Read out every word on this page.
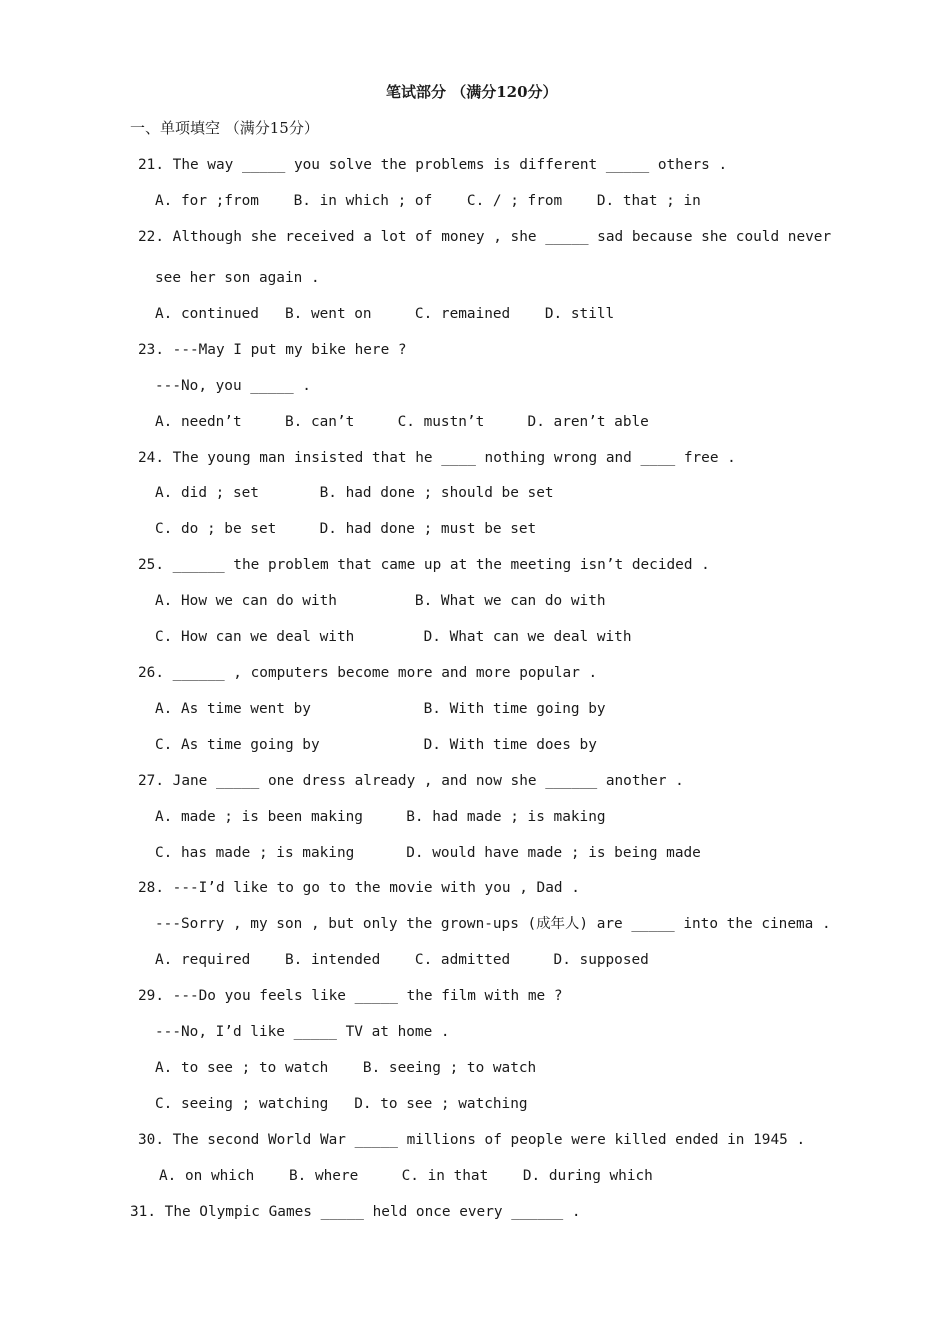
笔试部分 （满分120分）
一、单项填空 （满分15分）
21. The way _____ you solve the problems is different _____ others .
A. for ;from    B. in which ; of    C. / ; from    D. that ; in
22. Although she received a lot of money , she _____ sad because she could never
see her son again .
A. continued   B. went on     C. remained    D. still
23. ---May I put my bike here ?
---No, you _____ .
A. needn’t     B. can’t     C. mustn’t     D. aren’t able
24. The young man insisted that he ____ nothing wrong and ____ free .
A. did ; set       B. had done ; should be set
C. do ; be set     D. had done ; must be set
25. ______ the problem that came up at the meeting isn’t decided .
A. How we can do with         B. What we can do with
C. How can we deal with        D. What can we deal with
26. ______ , computers become more and more popular .
A. As time went by             B. With time going by
C. As time going by            D. With time does by
27. Jane _____ one dress already , and now she ______ another .
A. made ; is been making     B. had made ; is making
C. has made ; is making      D. would have made ; is being made
28. ---I’d like to go to the movie with you , Dad .
---Sorry , my son , but only the grown-ups (成年人) are _____ into the cinema .
A. required    B. intended    C. admitted     D. supposed
29. ---Do you feels like _____ the film with me ?
---No, I’d like _____ TV at home .
A. to see ; to watch    B. seeing ; to watch
C. seeing ; watching   D. to see ; watching
30. The second World War _____ millions of people were killed ended in 1945 .
A. on which    B. where     C. in that    D. during which
31. The Olympic Games _____ held once every ______ .
